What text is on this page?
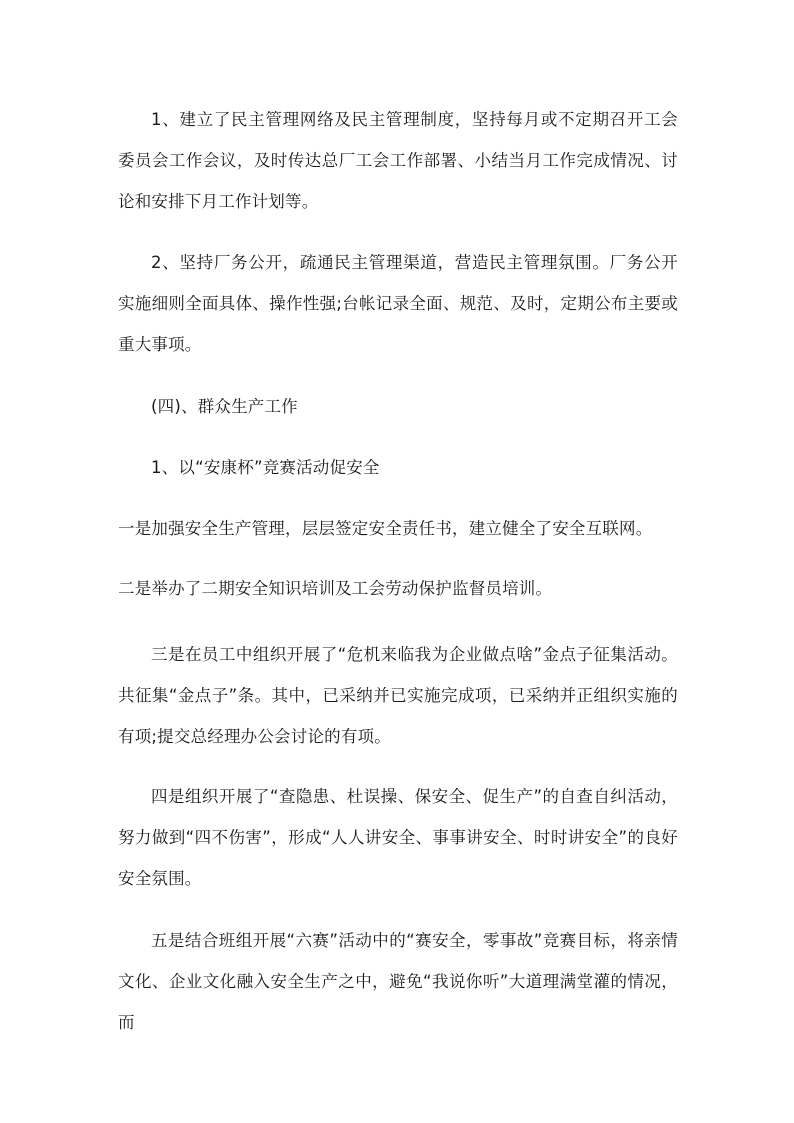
1、建立了民主管理网络及民主管理制度，坚持每月或不定期召开工会委员会工作会议，及时传达总厂工会工作部署、小结当月工作完成情况、讨论和安排下月工作计划等。

2、坚持厂务公开，疏通民主管理渠道，营造民主管理氛围。厂务公开实施细则全面具体、操作性强;台帐记录全面、规范、及时，定期公布主要或重大事项。

(四)、群众生产工作

1、以“安康杯”竞赛活动促安全

一是加强安全生产管理，层层签定安全责任书，建立健全了安全互联网。

二是举办了二期安全知识培训及工会劳动保护监督员培训。

三是在员工中组织开展了“危机来临我为企业做点啥”金点子征集活动。共征集“金点子”条。其中，已采纳并已实施完成项，已采纳并正组织实施的有项;提交总经理办公会讨论的有项。

四是组织开展了“查隐患、杜误操、保安全、促生产”的自查自纠活动，努力做到“四不伤害”，形成“人人讲安全、事事讲安全、时时讲安全”的良好安全氛围。

五是结合班组开展“六赛”活动中的“赛安全，零事故”竞赛目标，将亲情文化、企业文化融入安全生产之中，避免“我说你听”大道理满堂灌的情况，而
